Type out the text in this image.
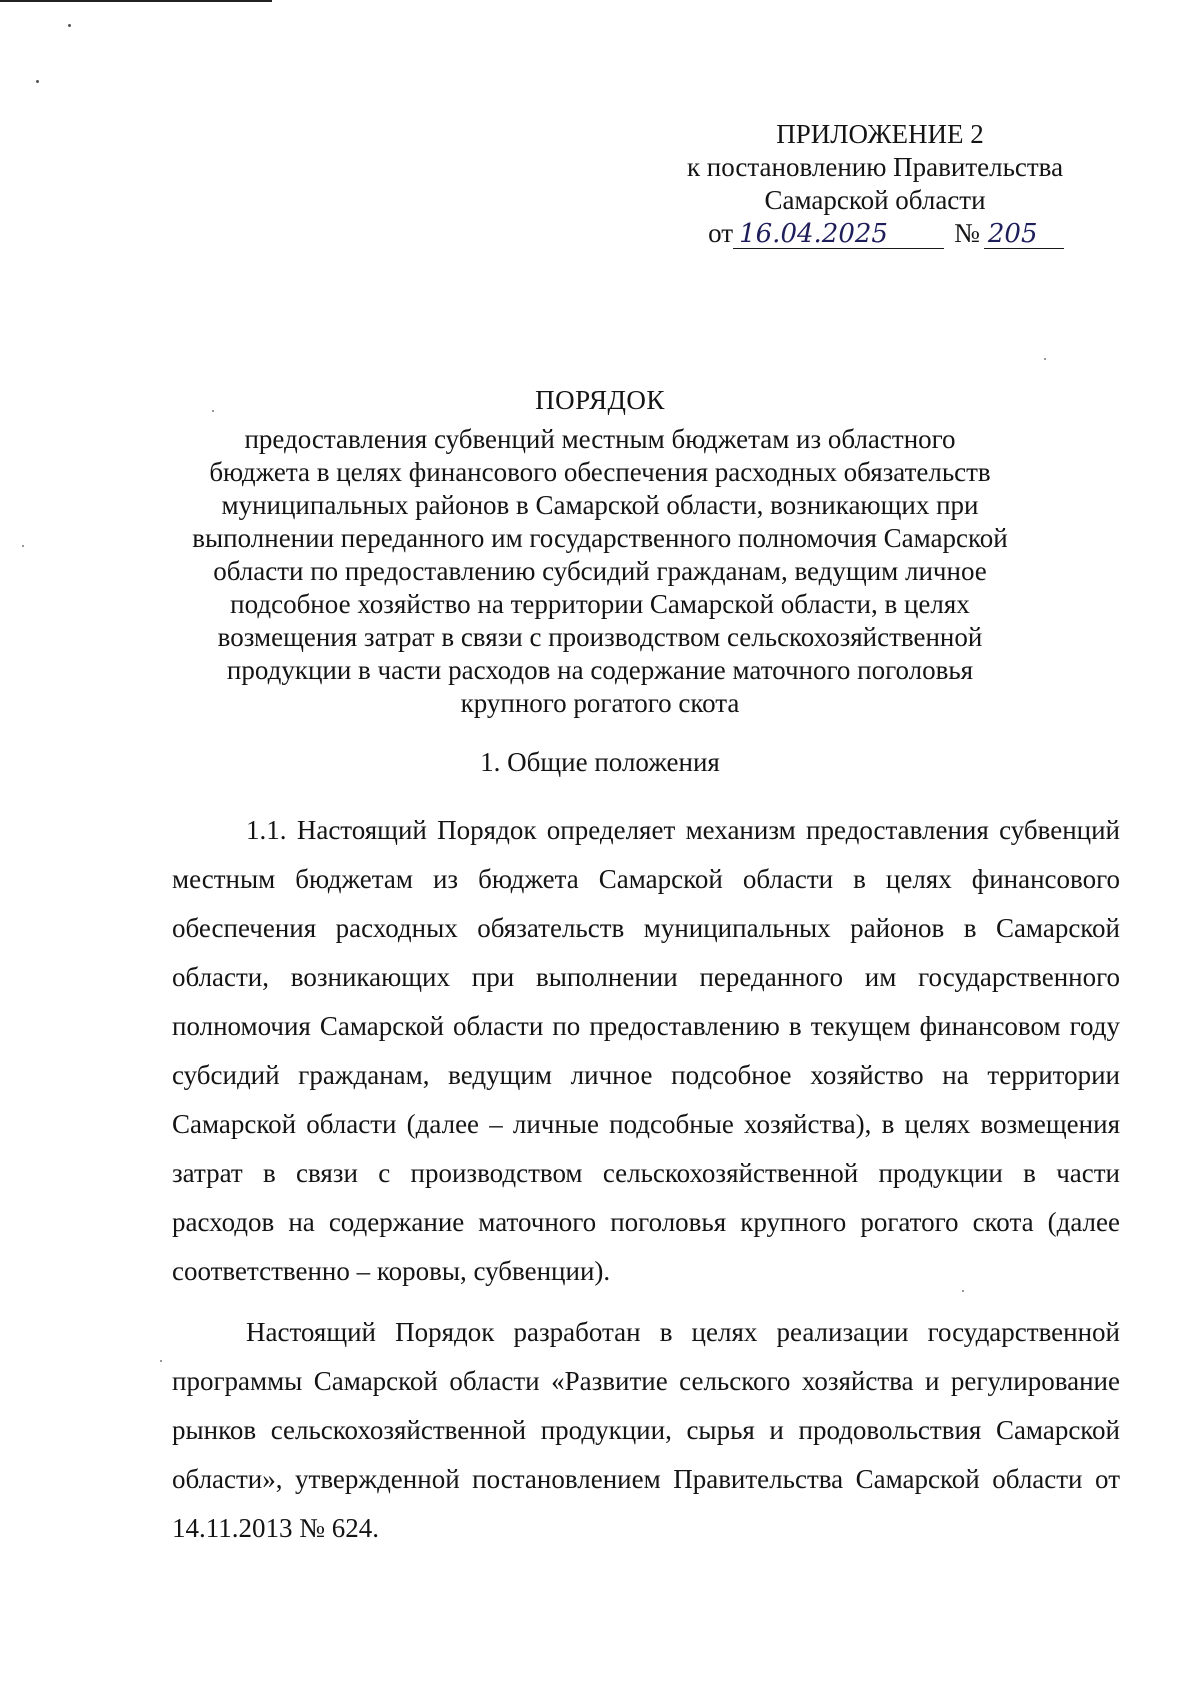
ПРИЛОЖЕНИЕ 2
к постановлению Правительства
Самарской области
от 16.04.2025	№ 205
ПОРЯДОК
предоставления субвенций местным бюджетам из областного
бюджета в целях финансового обеспечения расходных обязательств
муниципальных районов в Самарской области, возникающих при
выполнении переданного им государственного полномочия Самарской
области по предоставлению субсидий гражданам, ведущим личное
подсобное хозяйство на территории Самарской области, в целях
возмещения затрат в связи с производством сельскохозяйственной
продукции в части расходов на содержание маточного поголовья
крупного рогатого скота
1. Общие положения

1.1. Настоящий Порядок определяет механизм предоставления субвенций местным бюджетам из бюджета Самарской области в целях финансового обеспечения расходных обязательств муниципальных районов в Самарской области, возникающих при выполнении переданного им государственного полномочия Самарской области по предоставлению в текущем финансовом году субсидий гражданам, ведущим личное подсобное хозяйство на территории Самарской области (далее – личные подсобные хозяйства), в целях возмещения затрат в связи с производством сельскохозяйственной продукции в части расходов на содержание маточного поголовья крупного рогатого скота (далее соответственно – коровы, субвенции).

Настоящий Порядок разработан в целях реализации государственной программы Самарской области «Развитие сельского хозяйства и регулирование рынков сельскохозяйственной продукции, сырья и продовольствия Самарской области», утвержденной постановлением Правительства Самарской области от 14.11.2013 № 624.
